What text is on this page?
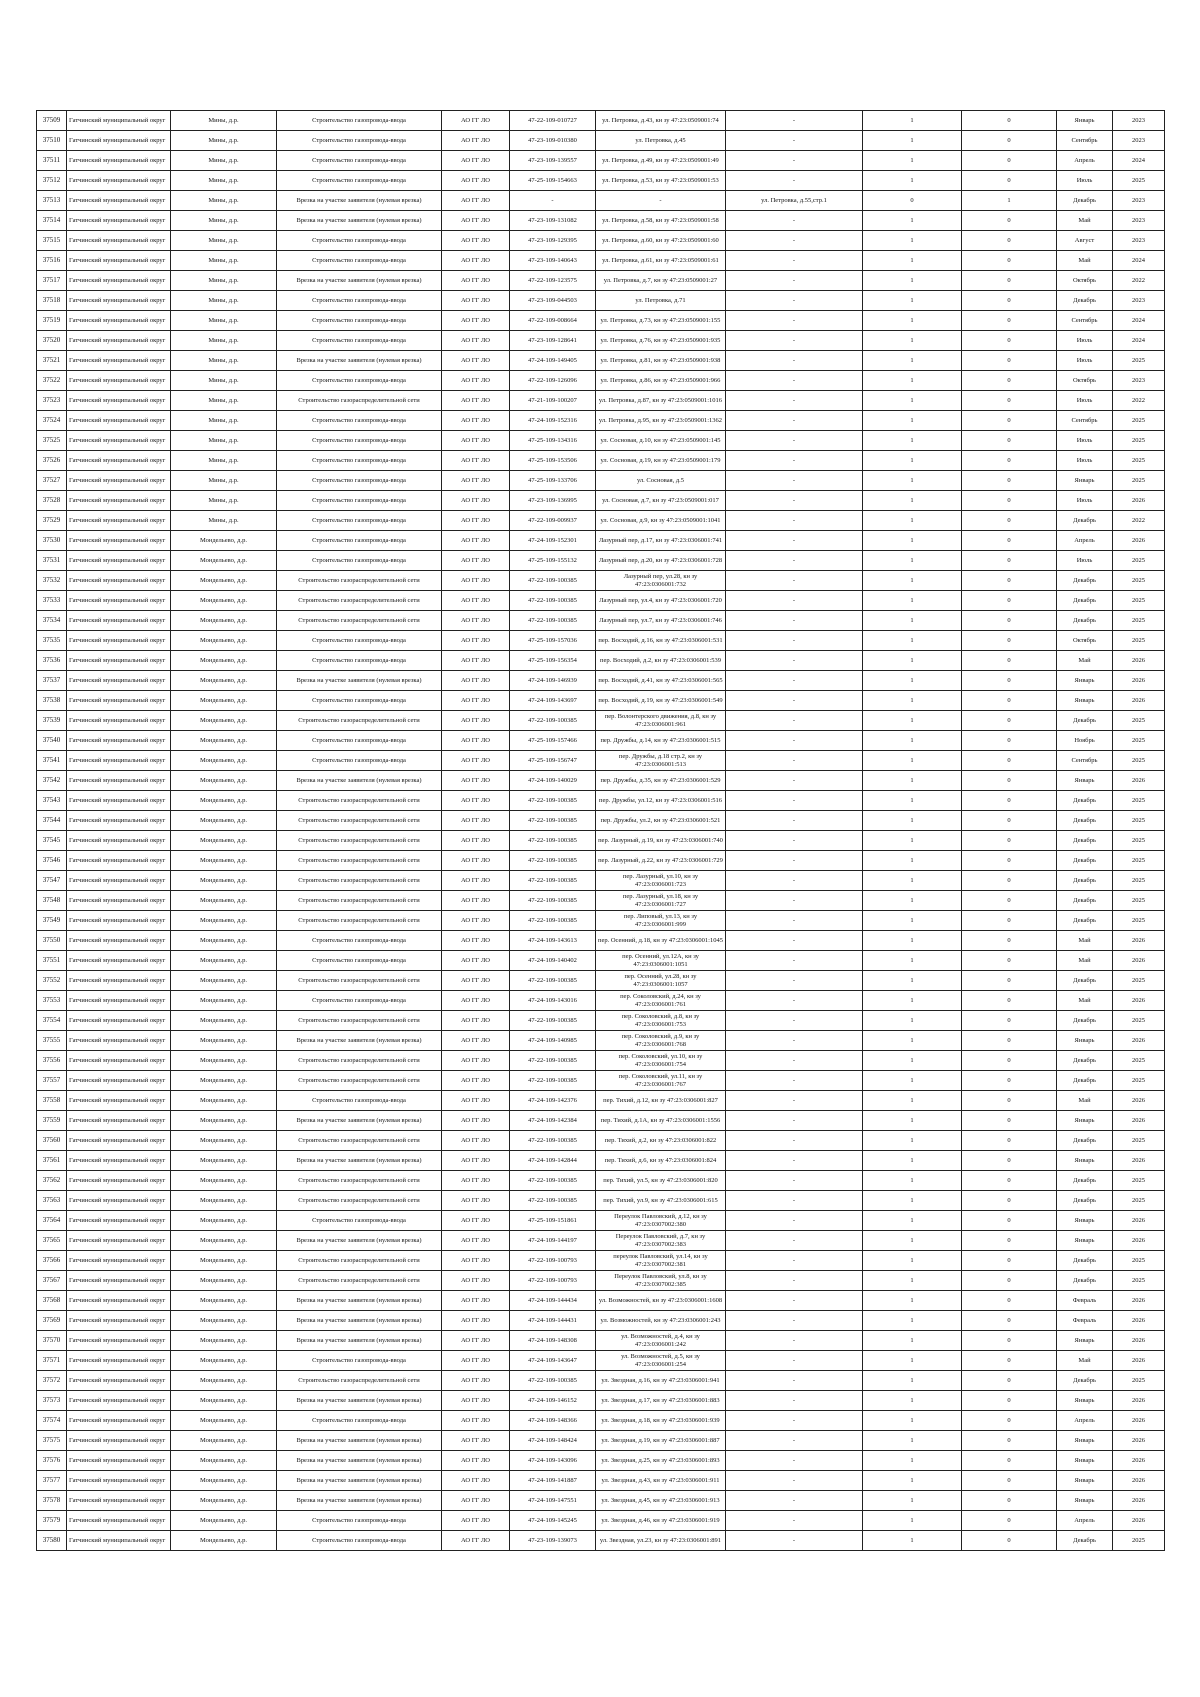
37509	Гатчинский муниципальный округ	Мины, д.р.	Строительство газопровода-ввода	АО ГГ ЛО	47-22-109-010727	ул. Петровка, д.43, кн зу 47:23:0509001:74	-	1	0	Январь	2023
37510	Гатчинский муниципальный округ	Мины, д.р.	Строительство газопровода-ввода	АО ГГ ЛО	47-23-109-010380	ул. Петровка, д.45	-	1	0	Сентябрь	2023
37511	Гатчинский муниципальный округ	Мины, д.р.	Строительство газопровода-ввода	АО ГГ ЛО	47-23-109-139557	ул. Петровка, д.49, кн зу 47:23:0509001:49	-	1	0	Апрель	2024
37512	Гатчинский муниципальный округ	Мины, д.р.	Строительство газопровода-ввода	АО ГГ ЛО	47-25-109-154663	ул. Петровка, д.53, кн зу 47:23:0509001:53	-	1	0	Июль	2025
37513	Гатчинский муниципальный округ	Мины, д.р.	Врезка на участке заявителя (нулевая врезка)	АО ГГ ЛО	-	-	ул. Петровка, д.55,стр.1	0	1	Декабрь	2023
37514	Гатчинский муниципальный округ	Мины, д.р.	Врезка на участке заявителя (нулевая врезка)	АО ГГ ЛО	47-23-109-131082	ул. Петровка, д.58, кн зу 47:23:0509001:58	-	1	0	Май	2023
37515	Гатчинский муниципальный округ	Мины, д.р.	Строительство газопровода-ввода	АО ГГ ЛО	47-23-109-129395	ул. Петровка, д.60, кн зу 47:23:0509001:60	-	1	0	Август	2023
37516	Гатчинский муниципальный округ	Мины, д.р.	Строительство газопровода-ввода	АО ГГ ЛО	47-23-109-140643	ул. Петровка, д.61, кн зу 47:23:0509001:61	-	1	0	Май	2024
37517	Гатчинский муниципальный округ	Мины, д.р.	Врезка на участке заявителя (нулевая врезка)	АО ГГ ЛО	47-22-109-123575	ул. Петровка, д.7, кн зу 47:23:0509001:27	-	1	0	Октябрь	2022
37518	Гатчинский муниципальный округ	Мины, д.р.	Строительство газопровода-ввода	АО ГГ ЛО	47-23-109-044503	ул. Петровка, д.71	-	1	0	Декабрь	2023
37519	Гатчинский муниципальный округ	Мины, д.р.	Строительство газопровода-ввода	АО ГГ ЛО	47-22-109-008664	ул. Петровка, д.73, кн зу 47:23:0509001:155	-	1	0	Сентябрь	2024
37520	Гатчинский муниципальный округ	Мины, д.р.	Строительство газопровода-ввода	АО ГГ ЛО	47-23-109-128641	ул. Петровка, д.76, кн зу 47:23:0509001:935	-	1	0	Июль	2024
37521	Гатчинский муниципальный округ	Мины, д.р.	Врезка на участке заявителя (нулевая врезка)	АО ГГ ЛО	47-24-109-149405	ул. Петровка, д.81, кн зу 47:23:0509001:938	-	1	0	Июль	2025
37522	Гатчинский муниципальный округ	Мины, д.р.	Строительство газопровода-ввода	АО ГГ ЛО	47-22-109-126096	ул. Петровка, д.86, кн зу 47:23:0509001:966	-	1	0	Октябрь	2023
37523	Гатчинский муниципальный округ	Мины, д.р.	Строительство газораспределительной сети	АО ГГ ЛО	47-21-109-100207	ул. Петровка, д.87, кн зу 47:23:0509001:1016	-	1	0	Июль	2022
37524	Гатчинский муниципальный округ	Мины, д.р.	Строительство газопровода-ввода	АО ГГ ЛО	47-24-109-152316	ул. Петровка, д.95, кн зу 47:23:0509001:1362	-	1	0	Сентябрь	2025
37525	Гатчинский муниципальный округ	Мины, д.р.	Строительство газопровода-ввода	АО ГГ ЛО	47-25-109-134316	ул. Сосновая, д.10, кн зу 47:23:0509001:145	-	1	0	Июль	2025
37526	Гатчинский муниципальный округ	Мины, д.р.	Строительство газопровода-ввода	АО ГГ ЛО	47-25-109-153506	ул. Сосновая, д.19, кн зу 47:23:0509001:179	-	1	0	Июль	2025
37527	Гатчинский муниципальный округ	Мины, д.р.	Строительство газопровода-ввода	АО ГГ ЛО	47-25-109-133706	ул. Сосновая, д.5	-	1	0	Январь	2025
37528	Гатчинский муниципальный округ	Мины, д.р.	Строительство газопровода-ввода	АО ГГ ЛО	47-23-109-136995	ул. Сосновая, д.7, кн зу 47:23:0509001:017	-	1	0	Июль	2026
37529	Гатчинский муниципальный округ	Мины, д.р.	Строительство газопровода-ввода	АО ГГ ЛО	47-22-109-009937	ул. Сосновая, д.9, кн зу 47:23:0509001:1041	-	1	0	Декабрь	2022
37530	Гатчинский муниципальный округ	Мондельево, д.р.	Строительство газопровода-ввода	АО ГГ ЛО	47-24-109-152301	Лазурный пер, д.17, кн зу 47:23:0306001:741	-	1	0	Апрель	2026
37531	Гатчинский муниципальный округ	Мондельево, д.р.	Строительство газопровода-ввода	АО ГГ ЛО	47-25-109-155132	Лазурный пер, д.20, кн зу 47:23:0306001:728	-	1	0	Июль	2025
37532	Гатчинский муниципальный округ	Мондельево, д.р.	Строительство газораспределительной сети	АО ГГ ЛО	47-22-109-100385	Лазурный пер, ул.28, кн зу 47:23:0306001:732	-	1	0	Декабрь	2025
37533	Гатчинский муниципальный округ	Мондельево, д.р.	Строительство газораспределительной сети	АО ГГ ЛО	47-22-109-100385	Лазурный пер, ул.4, кн зу 47:23:0306001:720	-	1	0	Декабрь	2025
37534	Гатчинский муниципальный округ	Мондельево, д.р.	Строительство газораспределительной сети	АО ГГ ЛО	47-22-109-100385	Лазурный пер, ул.7, кн зу 47:23:0306001:746	-	1	0	Декабрь	2025
37535	Гатчинский муниципальный округ	Мондельево, д.р.	Строительство газопровода-ввода	АО ГГ ЛО	47-25-109-157036	пер. Восходий, д.16, кн зу 47:23:0306001:531	-	1	0	Октябрь	2025
37536	Гатчинский муниципальный округ	Мондельево, д.р.	Строительство газопровода-ввода	АО ГГ ЛО	47-25-109-156354	пер. Восходий, д.2, кн зу 47:23:0306001:539	-	1	0	Май	2026
37537	Гатчинский муниципальный округ	Мондельево, д.р.	Врезка на участке заявителя (нулевая врезка)	АО ГГ ЛО	47-24-109-146939	пер. Восходий, д.41, кн зу 47:23:0306001:565	-	1	0	Январь	2026
37538	Гатчинский муниципальный округ	Мондельево, д.р.	Строительство газопровода-ввода	АО ГГ ЛО	47-24-109-143697	пер. Восходий, д.19, кн зу 47:23:0306001:549	-	1	0	Январь	2026
37539	Гатчинский муниципальный округ	Мондельево, д.р.	Строительство газораспределительной сети	АО ГГ ЛО	47-22-109-100385	пер. Волонтерского движения, д.8, кн зу 47:23:0306001:961	-	1	0	Декабрь	2025
37540	Гатчинский муниципальный округ	Мондельево, д.р.	Строительство газопровода-ввода	АО ГГ ЛО	47-25-109-157466	пер. Дружбы, д.14, кн зу 47:23:0306001:515	-	1	0	Ноябрь	2025
37541	Гатчинский муниципальный округ	Мондельево, д.р.	Строительство газопровода-ввода	АО ГГ ЛО	47-25-109-156747	пер. Дружбы, д.18 стр.2, кн зу 47:23:0306001:513	-	1	0	Сентябрь	2025
37542	Гатчинский муниципальный округ	Мондельево, д.р.	Врезка на участке заявителя (нулевая врезка)	АО ГГ ЛО	47-24-109-140029	пер. Дружбы, д.35, кн зу 47:23:0306001:529	-	1	0	Январь	2026
37543	Гатчинский муниципальный округ	Мондельево, д.р.	Строительство газораспределительной сети	АО ГГ ЛО	47-22-109-100385	пер. Дружбы, ул.12, кн зу 47:23:0306001:516	-	1	0	Декабрь	2025
37544	Гатчинский муниципальный округ	Мондельево, д.р.	Строительство газораспределительной сети	АО ГГ ЛО	47-22-109-100385	пер. Дружбы, ул.2, кн зу 47:23:0306001:521	-	1	0	Декабрь	2025
37545	Гатчинский муниципальный округ	Мондельево, д.р.	Строительство газораспределительной сети	АО ГГ ЛО	47-22-109-100385	пер. Лазурный, д.19, кн зу 47:23:0306001:740	-	1	0	Декабрь	2025
37546	Гатчинский муниципальный округ	Мондельево, д.р.	Строительство газораспределительной сети	АО ГГ ЛО	47-22-109-100385	пер. Лазурный, д.22, кн зу 47:23:0306001:729	-	1	0	Декабрь	2025
37547	Гатчинский муниципальный округ	Мондельево, д.р.	Строительство газораспределительной сети	АО ГГ ЛО	47-22-109-100385	пер. Лазурный, ул.10, кн зу 47:23:0306001:723	-	1	0	Декабрь	2025
37548	Гатчинский муниципальный округ	Мондельево, д.р.	Строительство газораспределительной сети	АО ГГ ЛО	47-22-109-100385	пер. Лазурный, ул.18, кн зу 47:23:0306001:727	-	1	0	Декабрь	2025
37549	Гатчинский муниципальный округ	Мондельево, д.р.	Строительство газораспределительной сети	АО ГГ ЛО	47-22-109-100385	пер. Липовый, ул.13, кн зу 47:23:0306001:999	-	1	0	Декабрь	2025
37550	Гатчинский муниципальный округ	Мондельево, д.р.	Строительство газопровода-ввода	АО ГГ ЛО	47-24-109-143613	пер. Осенний, д.18, кн зу 47:23:0306001:1045	-	1	0	Май	2026
37551	Гатчинский муниципальный округ	Мондельево, д.р.	Строительство газопровода-ввода	АО ГГ ЛО	47-24-109-140402	пер. Осенний, ул.12А, кн зу 47:23:0306001:1051	-	1	0	Май	2026
37552	Гатчинский муниципальный округ	Мондельево, д.р.	Строительство газораспределительной сети	АО ГГ ЛО	47-22-109-100385	пер. Осенний, ул.28, кн зу 47:23:0306001:1057	-	1	0	Декабрь	2025
37553	Гатчинский муниципальный округ	Мондельево, д.р.	Строительство газопровода-ввода	АО ГГ ЛО	47-24-109-143016	пер. Соколовский, д.24, кн зу 47:23:0306001:761	-	1	0	Май	2026
37554	Гатчинский муниципальный округ	Мондельево, д.р.	Строительство газораспределительной сети	АО ГГ ЛО	47-22-109-100385	пер. Соколовский, д.8, кн зу 47:23:0306001:753	-	1	0	Декабрь	2025
37555	Гатчинский муниципальный округ	Мондельево, д.р.	Врезка на участке заявителя (нулевая врезка)	АО ГГ ЛО	47-24-109-140985	пер. Соколовский, д.9, кн зу 47:23:0306001:768	-	1	0	Январь	2026
37556	Гатчинский муниципальный округ	Мондельево, д.р.	Строительство газораспределительной сети	АО ГГ ЛО	47-22-109-100385	пер. Соколовский, ул.10, кн зу 47:23:0306001:754	-	1	0	Декабрь	2025
37557	Гатчинский муниципальный округ	Мондельево, д.р.	Строительство газораспределительной сети	АО ГГ ЛО	47-22-109-100385	пер. Соколовский, ул.11, кн зу 47:23:0306001:767	-	1	0	Декабрь	2025
37558	Гатчинский муниципальный округ	Мондельево, д.р.	Строительство газопровода-ввода	АО ГГ ЛО	47-24-109-142376	пер. Тихий, д.12, кн зу 47:23:0306001:827	-	1	0	Май	2026
37559	Гатчинский муниципальный округ	Мондельево, д.р.	Врезка на участке заявителя (нулевая врезка)	АО ГГ ЛО	47-24-109-142384	пер. Тихий, д.1А, кн зу 47:23:0306001:1556	-	1	0	Январь	2026
37560	Гатчинский муниципальный округ	Мондельево, д.р.	Строительство газораспределительной сети	АО ГГ ЛО	47-22-109-100385	пер. Тихий, д.2, кн зу 47:23:0306001:822	-	1	0	Декабрь	2025
37561	Гатчинский муниципальный округ	Мондельево, д.р.	Врезка на участке заявителя (нулевая врезка)	АО ГГ ЛО	47-24-109-142844	пер. Тихий, д.6, кн зу 47:23:0306001:824	-	1	0	Январь	2026
37562	Гатчинский муниципальный округ	Мондельево, д.р.	Строительство газораспределительной сети	АО ГГ ЛО	47-22-109-100385	пер. Тихий, ул.5, кн зу 47:23:0306001:820	-	1	0	Декабрь	2025
37563	Гатчинский муниципальный округ	Мондельево, д.р.	Строительство газораспределительной сети	АО ГГ ЛО	47-22-109-100385	пер. Тихий, ул.9, кн зу 47:23:0306001:615	-	1	0	Декабрь	2025
37564	Гатчинский муниципальный округ	Мондельево, д.р.	Строительство газопровода-ввода	АО ГГ ЛО	47-25-109-151861	Переулок Павловский, д.12, кн зу 47:23:0307002:380	-	1	0	Январь	2026
37565	Гатчинский муниципальный округ	Мондельево, д.р.	Врезка на участке заявителя (нулевая врезка)	АО ГГ ЛО	47-24-109-144197	Переулок Павловский, д.7, кн зу 47:23:0307002:383	-	1	0	Январь	2026
37566	Гатчинский муниципальный округ	Мондельево, д.р.	Строительство газораспределительной сети	АО ГГ ЛО	47-22-109-100793	переулок Павловский, ул.14, кн зу 47:23:0307002:381	-	1	0	Декабрь	2025
37567	Гатчинский муниципальный округ	Мондельево, д.р.	Строительство газораспределительной сети	АО ГГ ЛО	47-22-109-100793	Переулок Павловский, ул.8, кн зу 47:23:0307002:385	-	1	0	Декабрь	2025
37568	Гатчинский муниципальный округ	Мондельево, д.р.	Врезка на участке заявителя (нулевая врезка)	АО ГГ ЛО	47-24-109-144434	ул. Возможностей, кн зу 47:23:0306001:1608	-	1	0	Февраль	2026
37569	Гатчинский муниципальный округ	Мондельево, д.р.	Врезка на участке заявителя (нулевая врезка)	АО ГГ ЛО	47-24-109-144431	ул. Возможностей, кн зу 47:23:0306001:243	-	1	0	Февраль	2026
37570	Гатчинский муниципальный округ	Мондельево, д.р.	Врезка на участке заявителя (нулевая врезка)	АО ГГ ЛО	47-24-109-148308	ул. Возможностей, д.4, кн зу 47:23:0306001:242	-	1	0	Январь	2026
37571	Гатчинский муниципальный округ	Мондельево, д.р.	Строительство газопровода-ввода	АО ГГ ЛО	47-24-109-143647	ул. Возможностей, д.5, кн зу 47:23:0306001:254	-	1	0	Май	2026
37572	Гатчинский муниципальный округ	Мондельево, д.р.	Строительство газораспределительной сети	АО ГГ ЛО	47-22-109-100385	ул. Звездная, д.16, кн зу 47:23:0306001:941	-	1	0	Декабрь	2025
37573	Гатчинский муниципальный округ	Мондельево, д.р.	Врезка на участке заявителя (нулевая врезка)	АО ГГ ЛО	47-24-109-146152	ул. Звездная, д.17, кн зу 47:23:0306001:883	-	1	0	Январь	2026
37574	Гатчинский муниципальный округ	Мондельево, д.р.	Строительство газопровода-ввода	АО ГГ ЛО	47-24-109-148366	ул. Звездная, д.18, кн зу 47:23:0306001:939	-	1	0	Апрель	2026
37575	Гатчинский муниципальный округ	Мондельево, д.р.	Врезка на участке заявителя (нулевая врезка)	АО ГГ ЛО	47-24-109-148424	ул. Звездная, д.19, кн зу 47:23:0306001:887	-	1	0	Январь	2026
37576	Гатчинский муниципальный округ	Мондельево, д.р.	Врезка на участке заявителя (нулевая врезка)	АО ГГ ЛО	47-24-109-143096	ул. Звездная, д.25, кн зу 47:23:0306001:893	-	1	0	Январь	2026
37577	Гатчинский муниципальный округ	Мондельево, д.р.	Врезка на участке заявителя (нулевая врезка)	АО ГГ ЛО	47-24-109-141887	ул. Звездная, д.43, кн зу 47:23:0306001:911	-	1	0	Январь	2026
37578	Гатчинский муниципальный округ	Мондельево, д.р.	Врезка на участке заявителя (нулевая врезка)	АО ГГ ЛО	47-24-109-147551	ул. Звездная, д.45, кн зу 47:23:0306001:913	-	1	0	Январь	2026
37579	Гатчинский муниципальный округ	Мондельево, д.р.	Строительство газопровода-ввода	АО ГГ ЛО	47-24-109-145245	ул. Звездная, д.46, кн зу 47:23:0306001:919	-	1	0	Апрель	2026
37580	Гатчинский муниципальный округ	Мондельево, д.р.	Строительство газопровода-ввода	АО ГГ ЛО	47-23-109-139073	ул. Звездная, ул.23, кн зу 47:23:0306001:891	-	1	0	Декабрь	2025
